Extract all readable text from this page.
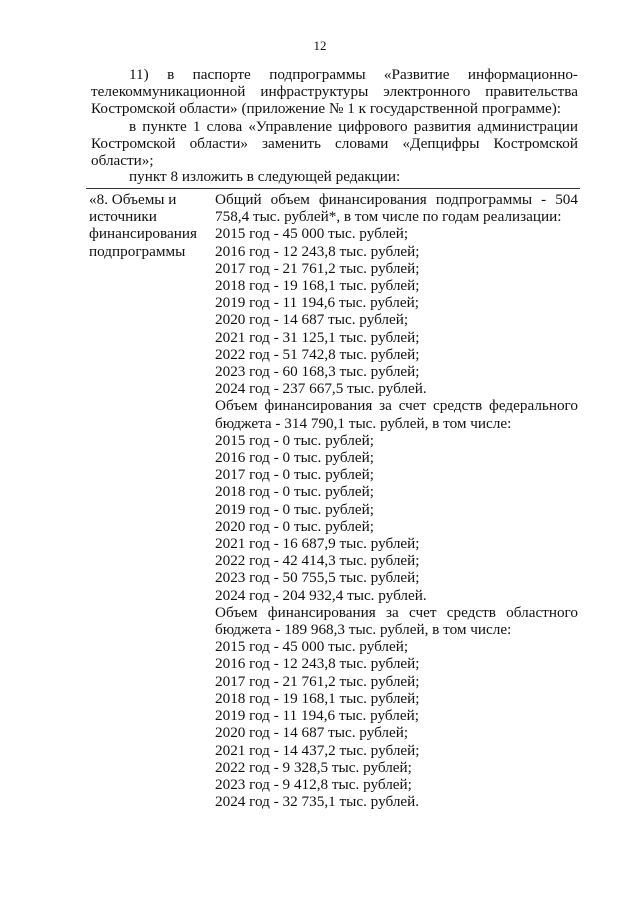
12
11) в паспорте подпрограммы «Развитие информационно-телекоммуникационной инфраструктуры электронного правительства Костромской области» (приложение № 1 к государственной программе):
в пункте 1 слова «Управление цифрового развития администрации Костромской области» заменить словами «Депцифры Костромской области»;
пункт 8 изложить в следующей редакции:
«8. Объемы и источники финансирования подпрограммы
Общий объем финансирования подпрограммы - 504 758,4 тыс. рублей*, в том числе по годам реализации:
2015 год - 45 000 тыс. рублей;
2016 год - 12 243,8 тыс. рублей;
2017 год - 21 761,2 тыс. рублей;
2018 год - 19 168,1 тыс. рублей;
2019 год - 11 194,6 тыс. рублей;
2020 год - 14 687 тыс. рублей;
2021 год - 31 125,1 тыс. рублей;
2022 год - 51 742,8 тыс. рублей;
2023 год - 60 168,3 тыс. рублей;
2024 год - 237 667,5 тыс. рублей.
Объем финансирования за счет средств федерального бюджета - 314 790,1 тыс. рублей, в том числе:
2015 год - 0 тыс. рублей;
2016 год - 0 тыс. рублей;
2017 год - 0 тыс. рублей;
2018 год - 0 тыс. рублей;
2019 год - 0 тыс. рублей;
2020 год - 0 тыс. рублей;
2021 год - 16 687,9 тыс. рублей;
2022 год - 42 414,3 тыс. рублей;
2023 год - 50 755,5 тыс. рублей;
2024 год - 204 932,4 тыс. рублей.
Объем финансирования за счет средств областного бюджета - 189 968,3 тыс. рублей, в том числе:
2015 год - 45 000 тыс. рублей;
2016 год - 12 243,8 тыс. рублей;
2017 год - 21 761,2 тыс. рублей;
2018 год - 19 168,1 тыс. рублей;
2019 год - 11 194,6 тыс. рублей;
2020 год - 14 687 тыс. рублей;
2021 год - 14 437,2 тыс. рублей;
2022 год - 9 328,5 тыс. рублей;
2023 год - 9 412,8 тыс. рублей;
2024 год - 32 735,1 тыс. рублей.
